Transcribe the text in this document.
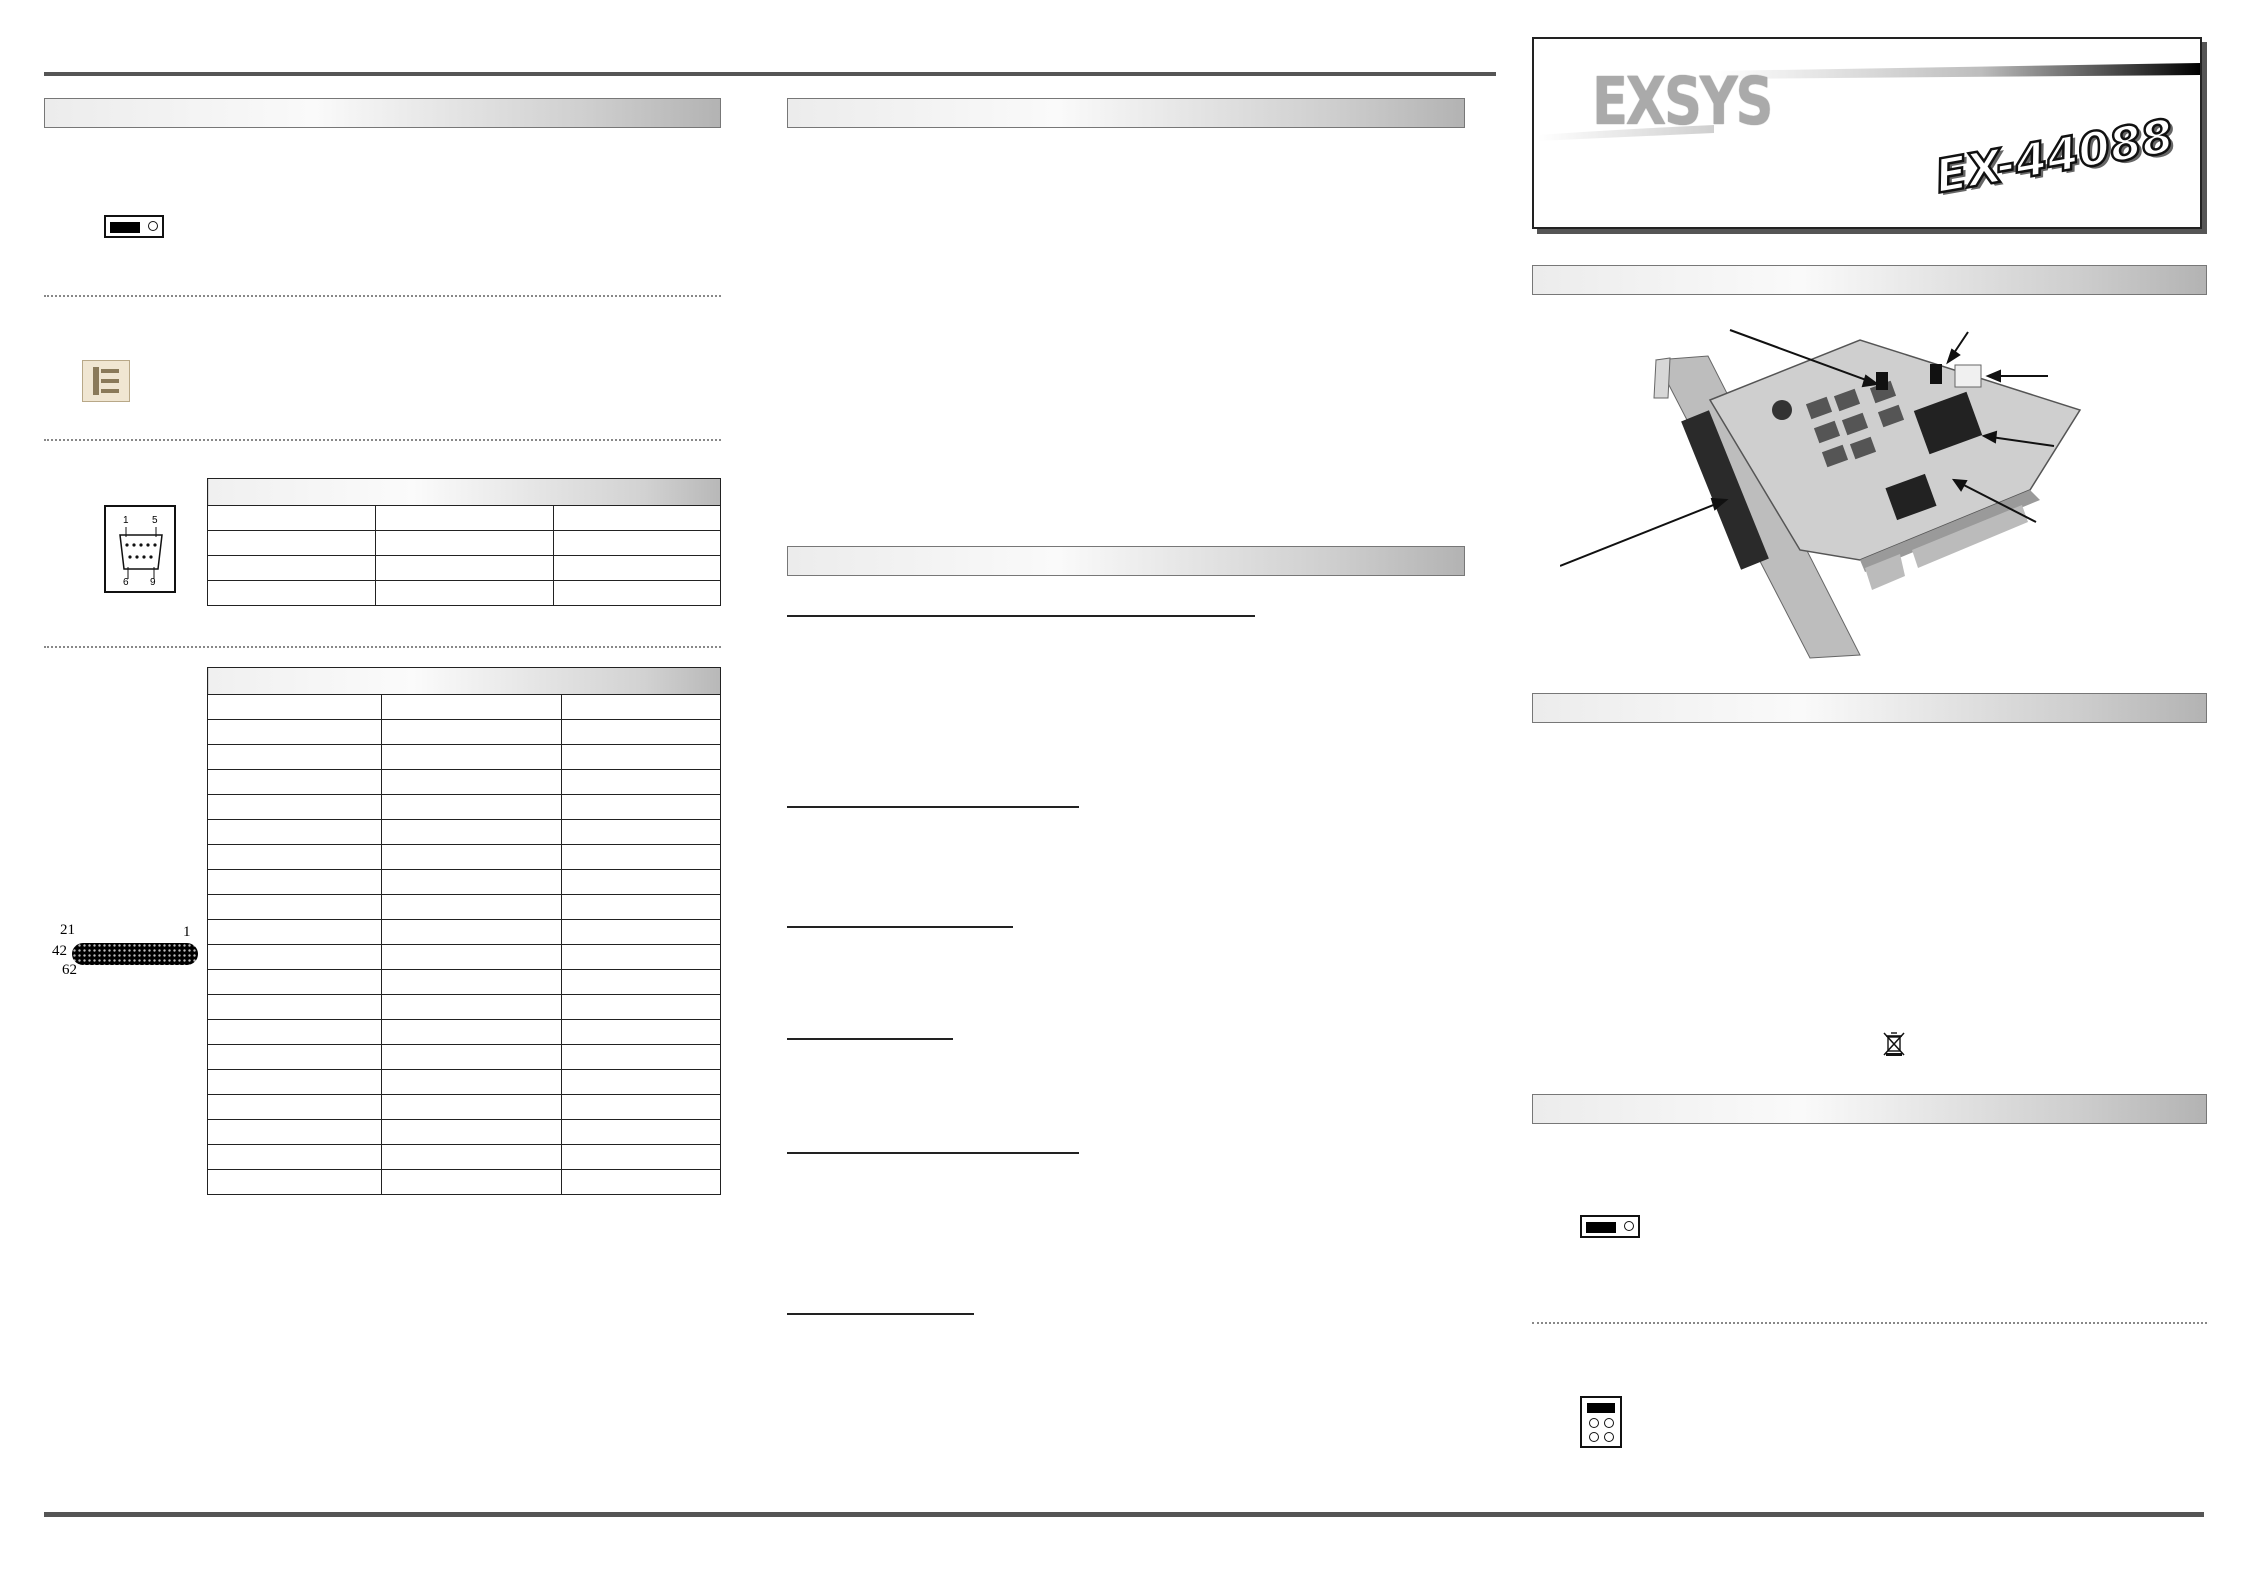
1 5
6 9

21	1
42
62

EXSYS
EX-44088
